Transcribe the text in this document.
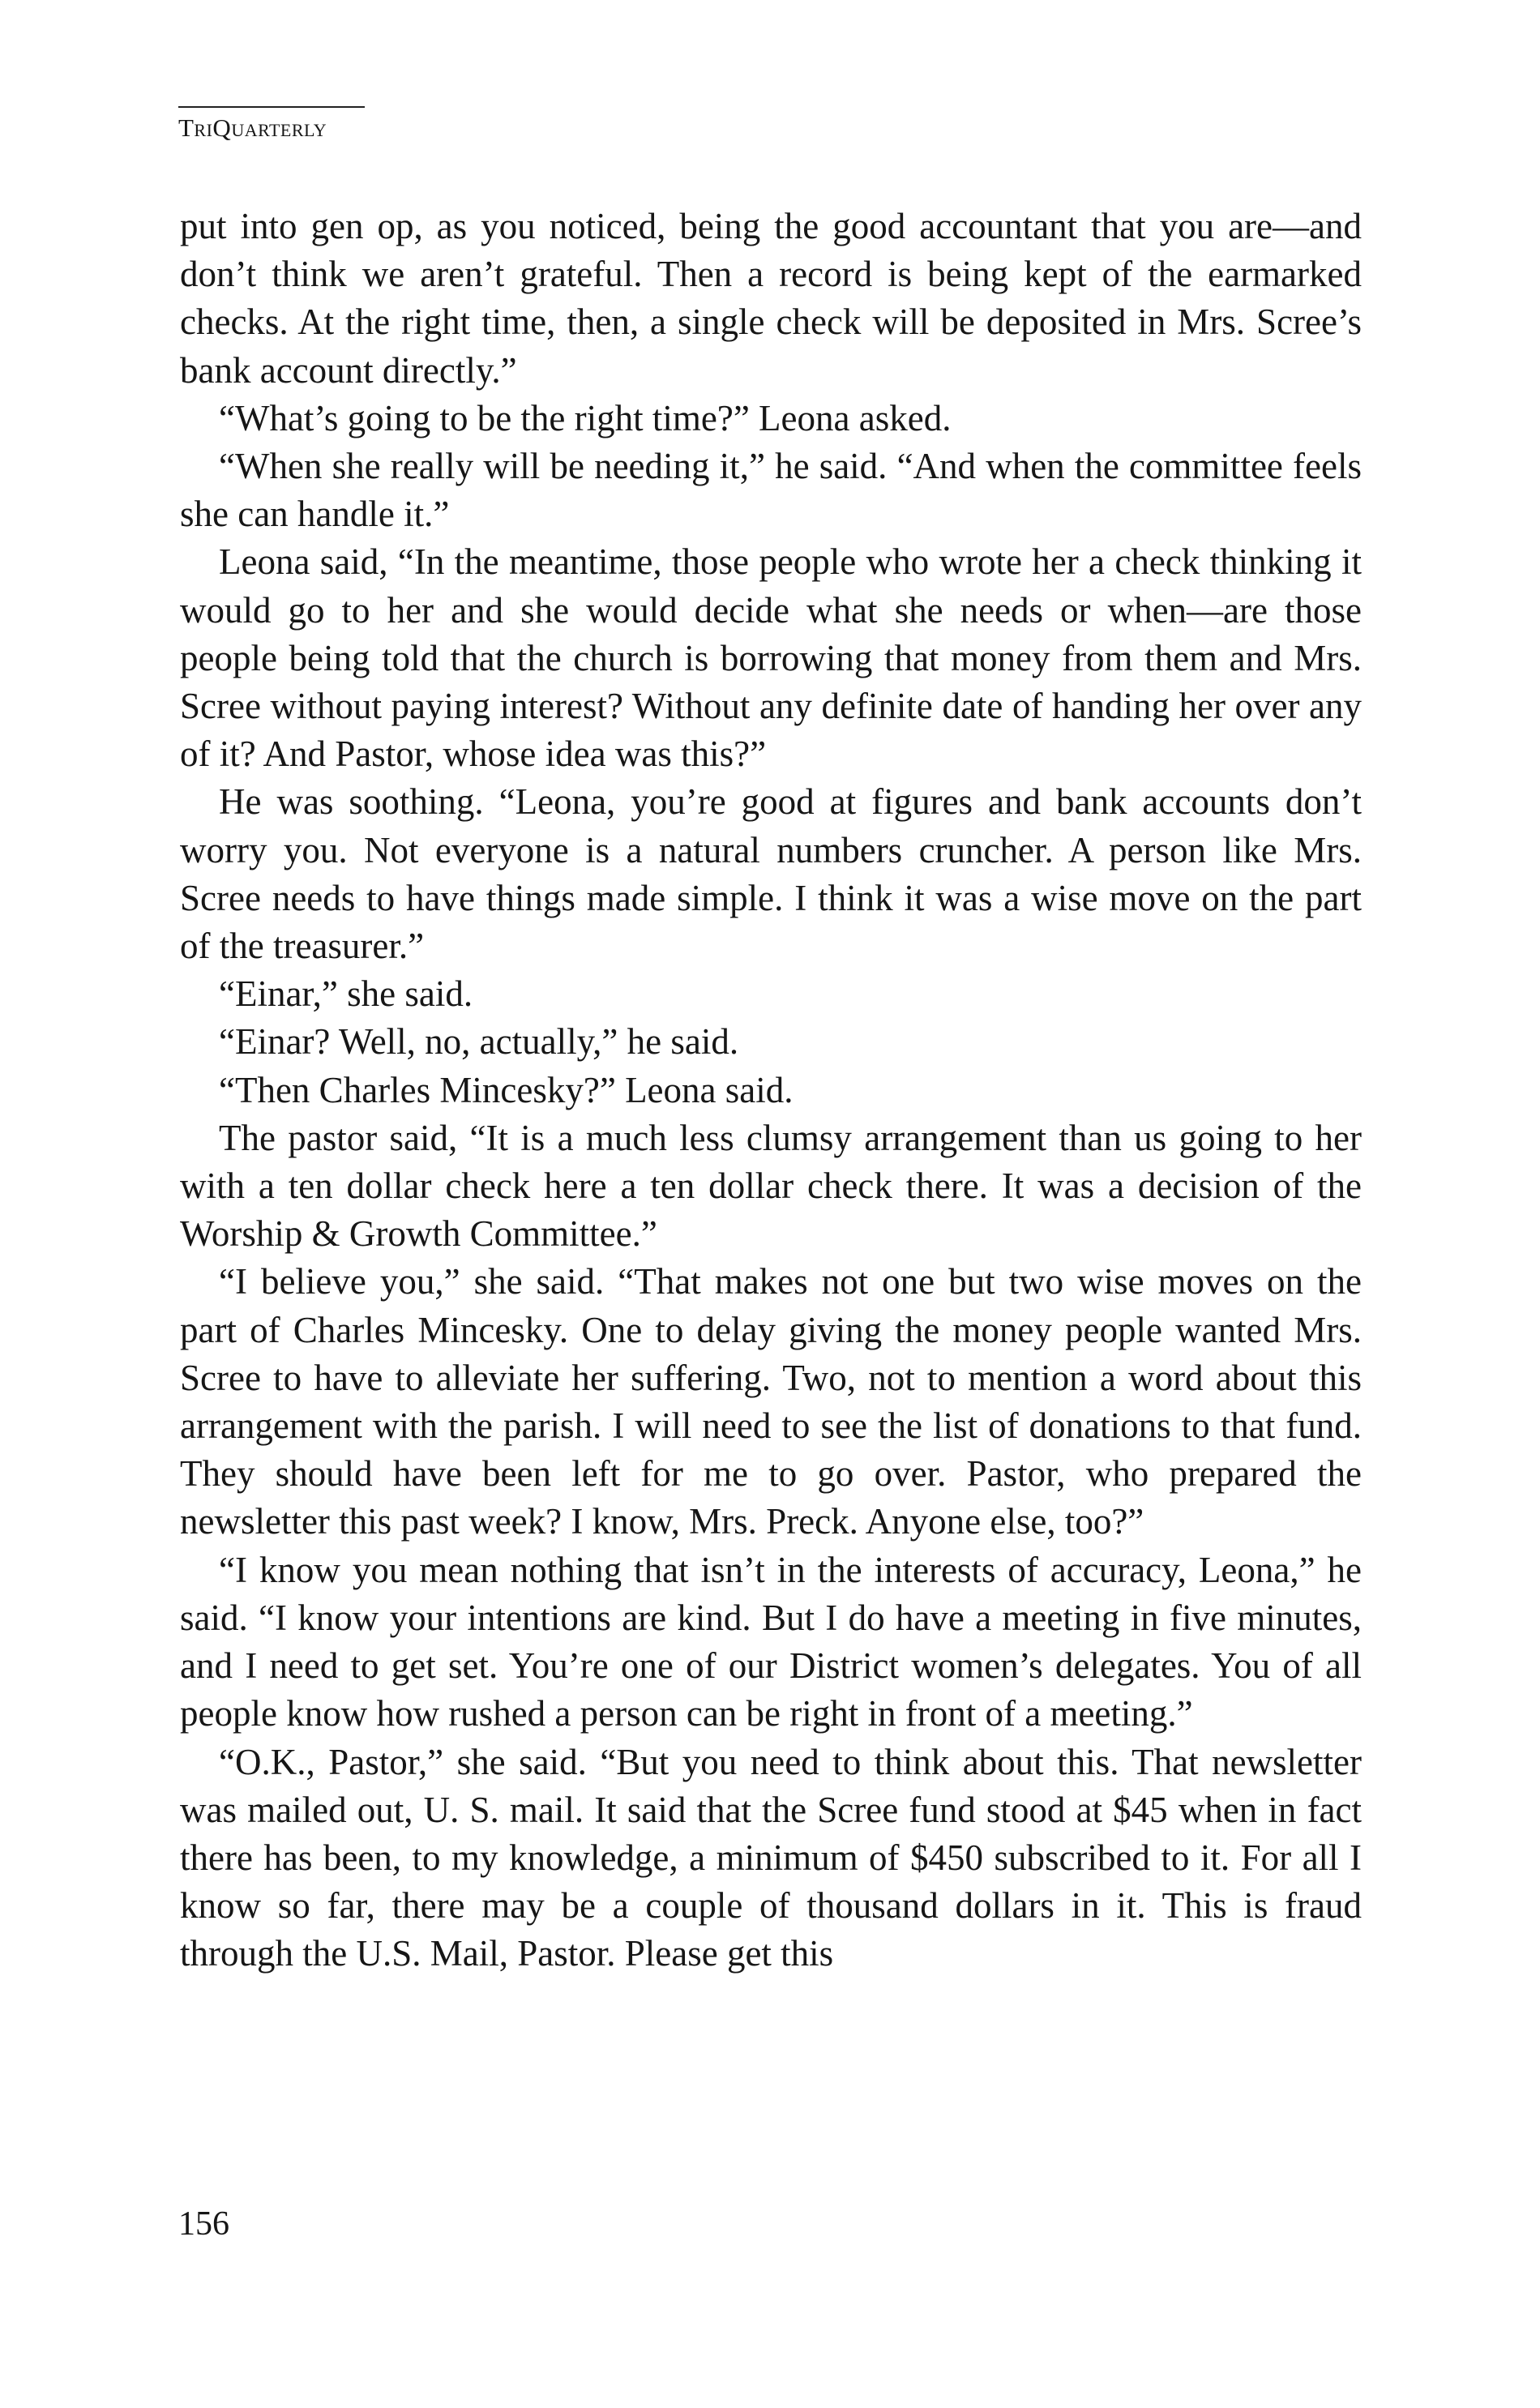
TriQuarterly

put into gen op, as you noticed, being the good accountant that you are—and don’t think we aren’t grateful. Then a record is being kept of the earmarked checks. At the right time, then, a single check will be deposited in Mrs. Scree’s bank account directly.”

“What’s going to be the right time?” Leona asked.

“When she really will be needing it,” he said. “And when the committee feels she can handle it.”

Leona said, “In the meantime, those people who wrote her a check thinking it would go to her and she would decide what she needs or when—are those people being told that the church is borrowing that money from them and Mrs. Scree without paying interest? Without any definite date of handing her over any of it? And Pastor, whose idea was this?”

He was soothing. “Leona, you’re good at figures and bank accounts don’t worry you. Not everyone is a natural numbers cruncher. A person like Mrs. Scree needs to have things made simple. I think it was a wise move on the part of the treasurer.”

“Einar,” she said.

“Einar? Well, no, actually,” he said.

“Then Charles Mincesky?” Leona said.

The pastor said, “It is a much less clumsy arrangement than us going to her with a ten dollar check here a ten dollar check there. It was a decision of the Worship & Growth Committee.”

“I believe you,” she said. “That makes not one but two wise moves on the part of Charles Mincesky. One to delay giving the money people wanted Mrs. Scree to have to alleviate her suffering. Two, not to mention a word about this arrangement with the parish. I will need to see the list of donations to that fund. They should have been left for me to go over. Pastor, who prepared the newsletter this past week? I know, Mrs. Preck. Anyone else, too?”

“I know you mean nothing that isn’t in the interests of accuracy, Leona,” he said. “I know your intentions are kind. But I do have a meeting in five minutes, and I need to get set. You’re one of our District women’s delegates. You of all people know how rushed a person can be right in front of a meeting.”

“O.K., Pastor,” she said. “But you need to think about this. That newsletter was mailed out, U. S. mail. It said that the Scree fund stood at $45 when in fact there has been, to my knowledge, a minimum of $450 subscribed to it. For all I know so far, there may be a couple of thousand dollars in it. This is fraud through the U.S. Mail, Pastor. Please get this

156
